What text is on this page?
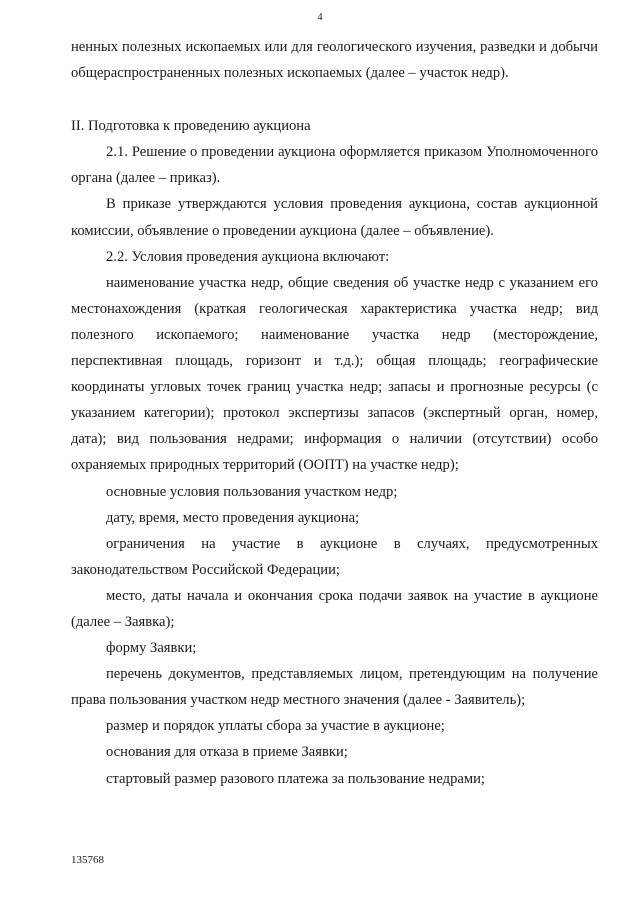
4

ненных полезных ископаемых или для геологического изучения, разведки и добычи общераспространенных полезных ископаемых (далее – участок недр).

II. Подготовка к проведению аукциона

2.1. Решение о проведении аукциона оформляется приказом Уполномоченного органа (далее – приказ).

В приказе утверждаются условия проведения аукциона, состав аукционной комиссии, объявление о проведении аукциона (далее – объявление).

2.2. Условия проведения аукциона включают:

наименование участка недр, общие сведения об участке недр с указанием его местонахождения (краткая геологическая характеристика участка недр; вид полезного ископаемого; наименование участка недр (месторождение, перспективная площадь, горизонт и т.д.); общая площадь; географические координаты угловых точек границ участка недр; запасы и прогнозные ресурсы (с указанием категории); протокол экспертизы запасов (экспертный орган, номер, дата); вид пользования недрами; информация о наличии (отсутствии) особо охраняемых природных территорий (ООПТ) на участке недр);

основные условия пользования участком недр;

дату, время, место проведения аукциона;

ограничения на участие в аукционе в случаях, предусмотренных законодательством Российской Федерации;

место, даты начала и окончания срока подачи заявок на участие в аукционе (далее – Заявка);

форму Заявки;

перечень документов, представляемых лицом, претендующим на получение права пользования участком недр местного значения (далее - Заявитель);

размер и порядок уплаты сбора за участие в аукционе;

основания для отказа в приеме Заявки;

стартовый размер разового платежа за пользование недрами;

135768
